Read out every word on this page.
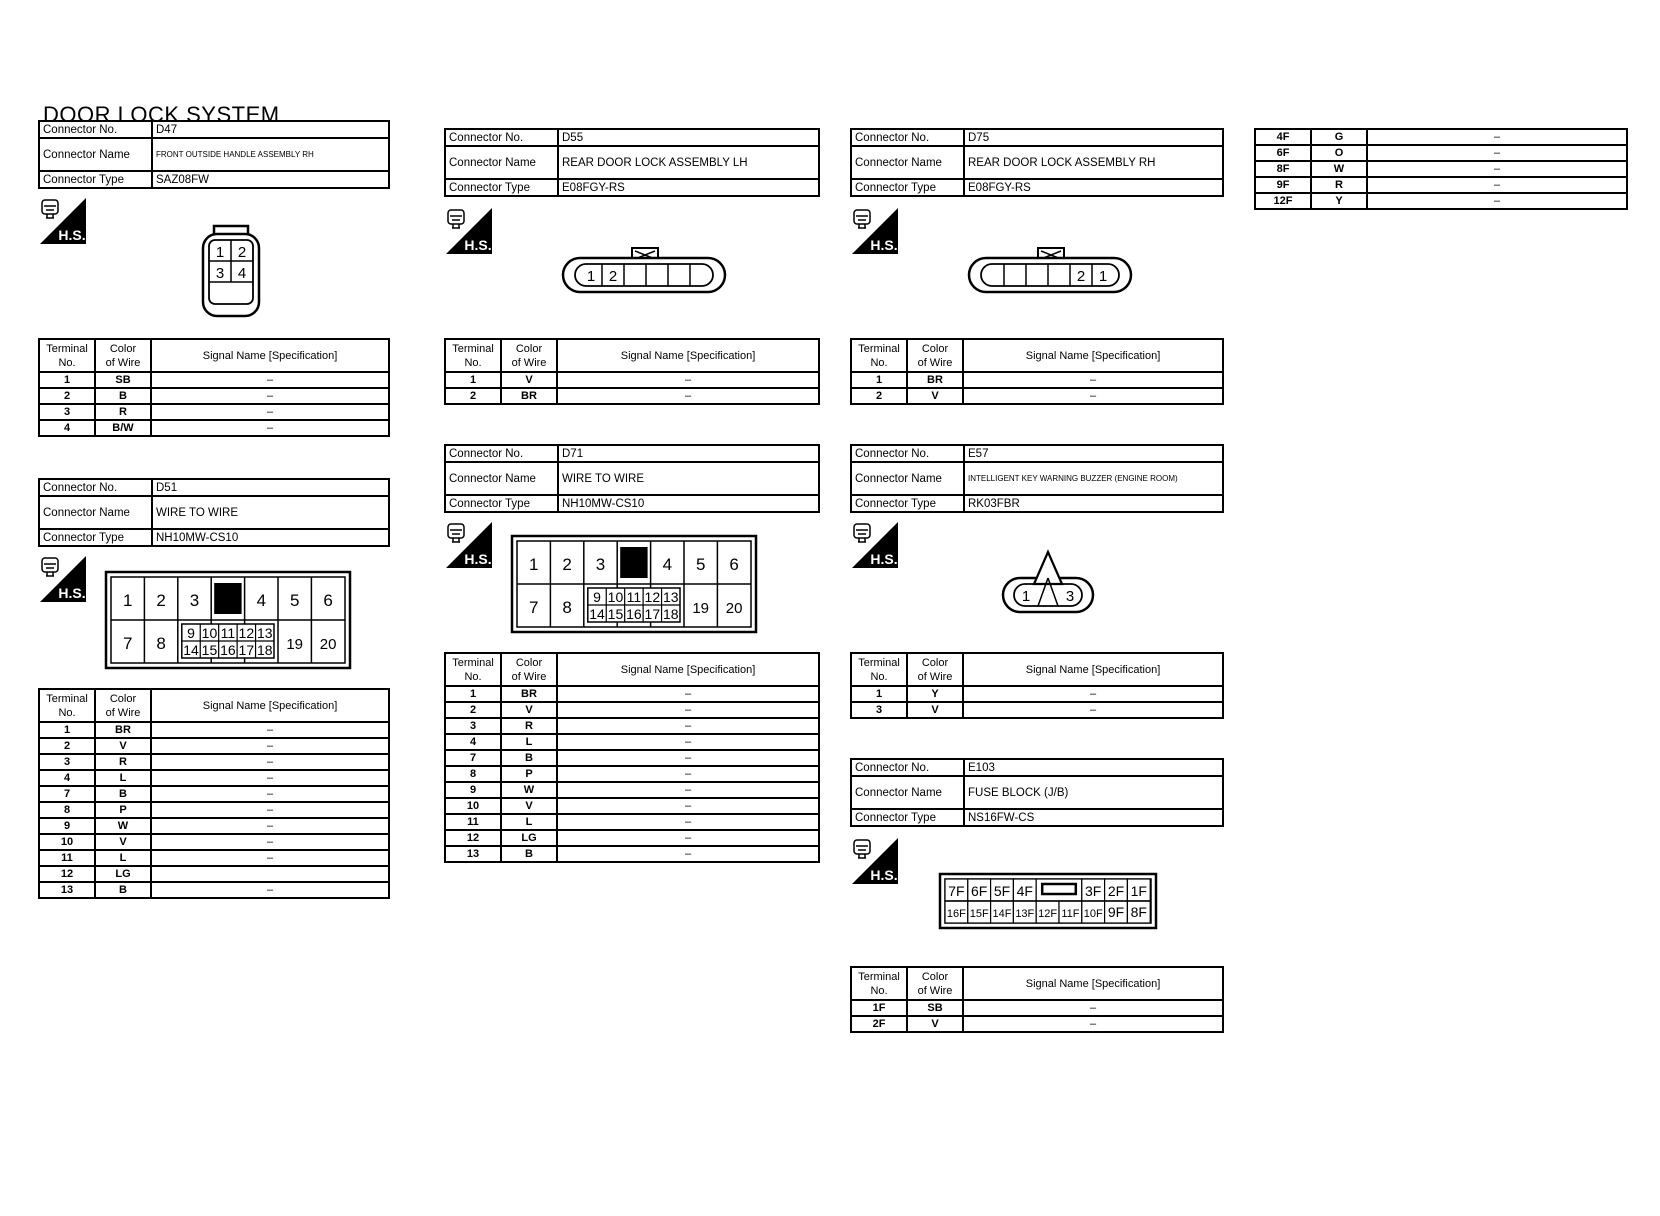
DOOR LOCK SYSTEM
Connector No.	D47
Connector Name	FRONT OUTSIDE HANDLE ASSEMBLY RH
Connector Type	SAZ08FW
H.S.
1 2
3 4
Terminal
No.	Color
of Wire	Signal Name [Specification]
1	SB	–
2	B	–
3	R	–
4	B/W	–
Connector No.	D51
Connector Name	WIRE TO WIRE
Connector Type	NH10MW-CS10
H.S. 1 2 3	4 5 6
7 8	19 20
9
14
10
15
11
16
12
17
13
18
Terminal
No.	Color
of Wire	Signal Name [Specification]
1	BR	–
2	V	–
3	R	–
4	L	–
7	B	–
8	P	–
9	W	–
10	V	–
11	L	–
12	LG	
13	B	–
Connector No.	D55
Connector Name	REAR DOOR LOCK ASSEMBLY LH
Connector Type	E08FGY-RS
H.S.
1 2
Terminal
No.	Color
of Wire	Signal Name [Specification]
1	V	–
2	BR	–
Connector No.	D71
Connector Name	WIRE TO WIRE
Connector Type	NH10MW-CS10
H.S. 1 2 3	4 5 6
7 8	19 20
9
14
10
15
11
16
12
17
13
18
Terminal
No.	Color
of Wire	Signal Name [Specification]
1	BR	–
2	V	–
3	R	–
4	L	–
7	B	–
8	P	–
9	W	–
10	V	–
11	L	–
12	LG	–
13	B	–
Connector No.	D75
Connector Name	REAR DOOR LOCK ASSEMBLY RH
Connector Type	E08FGY-RS
H.S.
2 1
Terminal
No.	Color
of Wire	Signal Name [Specification]
1	BR	–
2	V	–
Connector No.	E57
Connector Name	INTELLIGENT KEY WARNING BUZZER (ENGINE ROOM)
Connector Type	RK03FBR
H.S.
1 3
Terminal
No.	Color
of Wire	Signal Name [Specification]
1	Y	–
3	V	–
Connector No.	E103
Connector Name	FUSE BLOCK (J/B)
Connector Type	NS16FW-CS
H.S.
7F 6F 5F 4F	3F 2F 1F
16F 15F 14F 13F 12F 11F 10F 9F 8F
Terminal
No.	Color
of Wire	Signal Name [Specification]
1F	SB	–
2F	V	–
4F	G	–
6F	O	–
8F	W	–
9F	R	–
12F	Y	–
